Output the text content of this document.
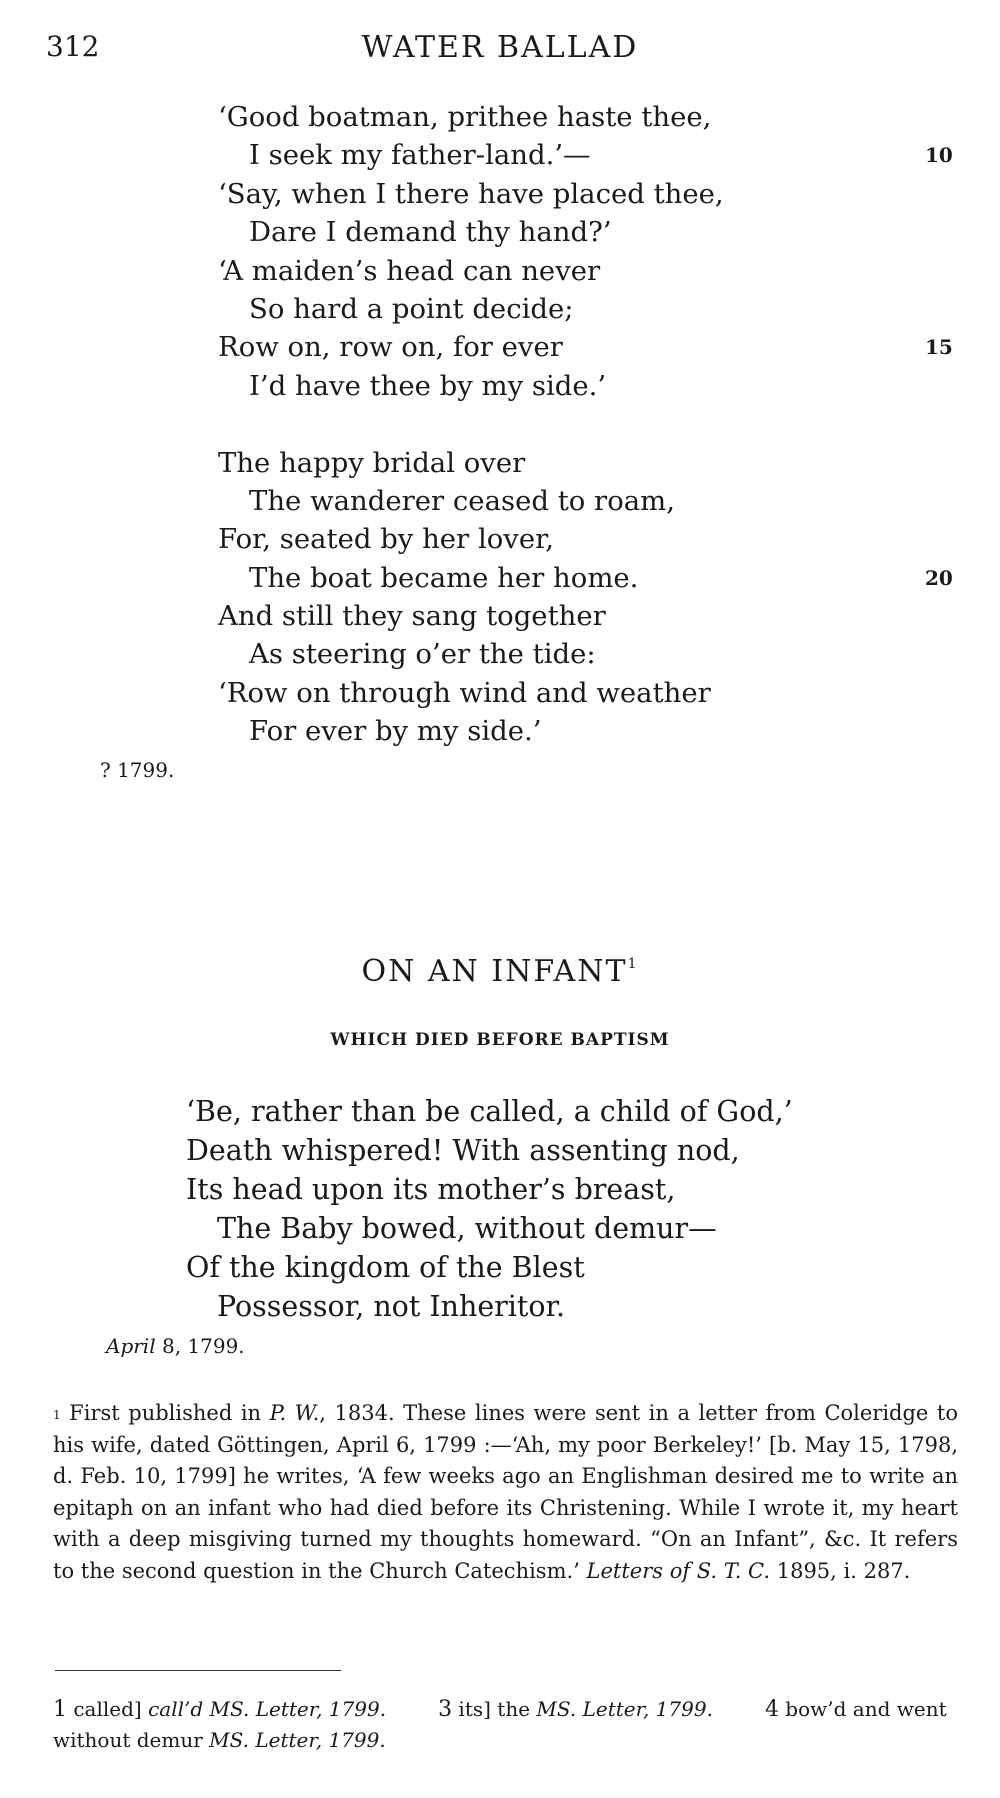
312	WATER BALLAD
‘Good boatman, prithee haste thee,
I seek my father-land.’—	10
‘Say, when I there have placed thee,
Dare I demand thy hand?’
‘A maiden’s head can never
So hard a point decide;
Row on, row on, for ever	15
I’d have thee by my side.’
The happy bridal over
The wanderer ceased to roam,
For, seated by her lover,
The boat became her home.	20
And still they sang together
As steering o’er the tide:
‘Row on through wind and weather
For ever by my side.’
? 1799.
ON AN INFANT$^1$
WHICH DIED BEFORE BAPTISM
‘Be, rather than be called, a child of God,’
Death whispered! With assenting nod,
Its head upon its mother’s breast,
The Baby bowed, without demur—
Of the kingdom of the Blest
Possessor, not Inheritor.
April 8, 1799.
$^1$ First published in P. W., 1834. These lines were sent in a letter from Coleridge to his wife, dated Göttingen, April 6, 1799 :—‘Ah, my poor Berkeley!’ [b. May 15, 1798, d. Feb. 10, 1799] he writes, ‘A few weeks ago an Englishman desired me to write an epitaph on an infant who had died before its Christening. While I wrote it, my heart with a deep misgiving turned my thoughts homeward. “On an Infant”, &c. It refers to the second question in the Church Catechism.’ Letters of S. T. C. 1895, i. 287.
1 called] call’d MS. Letter, 1799. 3 its] the MS. Letter, 1799. 4 bow’d and went without demur MS. Letter, 1799.
